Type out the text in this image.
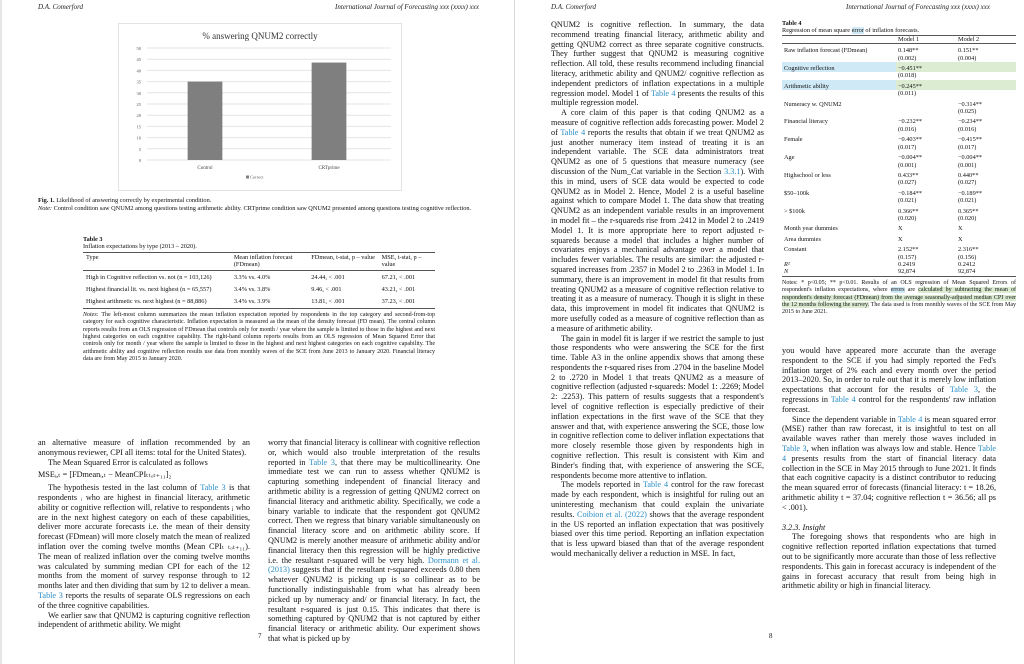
D.A. Comerford	International Journal of Forecasting xxx (xxxx) xxx
% answering QNUM2 correctly
0
5
10
15
20
25
30
35
40
45
50
Control	CRTprime
Correct
Fig. 1. Likelihood of answering correctly by experimental condition.
Note: Control condition saw QNUM2 among questions testing arithmetic ability. CRTprime condition saw QNUM2 presented among questions testing cognitive reflection.
Table 3
Inflation expectations by type (2013 – 2020).
Type	Mean inflation forecast (FDmean)	FDmean, t-stat, p – value	MSE, t-stat, p – value
High in Cognitive reflection vs. not (n = 103,126)	3.3% vs. 4.0%	24.44, < .001	67.21, < .001
Highest financial lit. vs. next highest (n = 65,557)	3.4% vs. 3.8%	9.46, < .001	43.21, < .001
Highest arithmetic vs. next highest (n = 88,886)	3.4% vs. 3.9%	13.81, < .001	37.23, < .001
Notes: The left-most column summarizes the mean inflation expectation reported by respondents in the top category and second-from-top category for each cognitive characteristic. Inflation expectation is measured as the mean of the density forecast (FD mean). The central column reports results from an OLS regression of FDmean that controls only for month / year where the sample is limited to those in the highest and next highest categories on each cognitive capability. The right-hand column reports results from an OLS regression of Mean Squared Error that controls only for month / year where the sample is limited to those in the highest and next highest categories on each cognitive capability. The arithmetic ability and cognitive reflection results use data from monthly waves of the SCE from June 2013 to January 2020. Financial literacy data are from May 2015 to January 2020.

an alternative measure of inflation recommended by an anonymous reviewer, CPI all items: total for the United States).

The Mean Squared Error is calculated as follows

MSEᵢ,ₜ = [FDmeanᵢ,ₜ − MeanCPIₜₜₒₜ₊₁₁]₂

The hypothesis tested in the last column of Table 3 is that respondents ᵢ who are highest in financial literacy, arithmetic ability or cognitive reflection will, relative to respondents ⱼ who are in the next highest category on each of these capabilities, deliver more accurate forecasts i.e. the mean of their density forecast (FDmean) will more closely match the mean of realized inflation over the coming twelve months (Mean CPIₜ ₜₒₜ₊₁₁). The mean of realized inflation over the coming twelve months was calculated by summing median CPI for each of the 12 months from the moment of survey response through to 12 months later and then dividing that sum by 12 to deliver a mean. Table 3 reports the results of separate OLS regressions on each of the three cognitive capabilities.

We earlier saw that QNUM2 is capturing cognitive reflection independent of arithmetic ability. We might

worry that financial literacy is collinear with cognitive reflection or, which would also trouble interpretation of the results reported in Table 3, that there may be multicollinearity. One immediate test we can run to assess whether QNUM2 is capturing something independent of financial literacy and arithmetic ability is a regression of getting QNUM2 correct on financial literacy and arithmetic ability. Specifically, we code a binary variable to indicate that the respondent got QNUM2 correct. Then we regress that binary variable simultaneously on financial literacy score and on arithmetic ability score. If QNUM2 is merely another measure of arithmetic ability and/or financial literacy then this regression will be highly predictive i.e. the resultant r-squared will be very high. Dormann et al. (2013) suggests that if the resultant r-squared exceeds 0.80 then whatever QNUM2 is picking up is so collinear as to be functionally indistinguishable from what has already been picked up by numeracy and/ or financial literacy. In fact, the resultant r-squared is just 0.15. This indicates that there is something captured by QNUM2 that is not captured by either financial literacy or arithmetic ability. Our experiment shows that what is picked up by

7
D.A. Comerford	International Journal of Forecasting xxx (xxxx) xxx

QNUM2 is cognitive reflection. In summary, the data recommend treating financial literacy, arithmetic ability and getting QNUM2 correct as three separate cognitive constructs. They further suggest that QNUM2 is measuring cognitive reflection. All told, these results recommend including financial literacy, arithmetic ability and QNUM2/ cognitive reflection as independent predictors of inflation expectations in a multiple regression model. Model 1 of Table 4 presents the results of this multiple regression model.

A core claim of this paper is that coding QNUM2 as a measure of cognitive reflection adds forecasting power. Model 2 of Table 4 reports the results that obtain if we treat QNUM2 as just another numeracy item instead of treating it is an independent variable. The SCE data administrators treat QNUM2 as one of 5 questions that measure numeracy (see discussion of the Num_Cat variable in the Section 3.3.1). With this in mind, users of SCE data would be expected to code QNUM2 as in Model 2. Hence, Model 2 is a useful baseline against which to compare Model 1. The data show that treating QNUM2 as an independent variable results in an improvement in model fit – the r-squareds rise from .2412 in Model 2 to .2419 Model 1. It is more appropriate here to report adjusted r-squareds because a model that includes a higher number of covariates enjoys a mechanical advantage over a model that includes fewer variables. The results are similar: the adjusted r-squared increases from .2357 in Model 2 to .2363 in Model 1. In summary, there is an improvement in model fit that results from treating QNUM2 as a measure of cognitive reflection relative to treating it as a measure of numeracy. Though it is slight in these data, this improvement in model fit indicates that QNUM2 is more usefully coded as a measure of cognitive reflection than as a measure of arithmetic ability.

The gain in model fit is larger if we restrict the sample to just those respondents who were answering the SCE for the first time. Table A3 in the online appendix shows that among these respondents the r-squared rises from .2704 in the baseline Model 2 to .2720 in Model 1 that treats QNUM2 as a measure of cognitive reflection (adjusted r-squareds: Model 1: .2269; Model 2: .2253). This pattern of results suggests that a respondent's level of cognitive reflection is especially predictive of their inflation expectations in the first wave of the SCE that they answer and that, with experience answering the SCE, those low in cognitive reflection come to deliver inflation expectations that more closely resemble those given by respondents high in cognitive reflection. This result is consistent with Kim and Binder's finding that, with experience of answering the SCE, respondents become more attentive to inflation.

The models reported in Table 4 control for the raw forecast made by each respondent, which is insightful for ruling out an uninteresting mechanism that could explain the univariate results. Coibion et al. (2022) shows that the average respondent in the US reported an inflation expectation that was positively biased over this time period. Reporting an inflation expectation that is less upward biased than that of the average respondent would mechanically deliver a reduction in MSE. In fact,

8
Table 4
Regression of mean square error of inflation forecasts.
	Model 1	Model 2
Raw inflation forecast (FDmean)	0.148**	0.151**
	(0.002)	(0.004)
Cognitive reflection	−0.451**	
	(0.018)	
Arithmetic ability	−0.245**	
	(0.011)	
Numeracy w. QNUM2		−0.314**
		(0.025)
Financial literacy	−0.232**	−0.234**
	(0.016)	(0.016)
Female	−0.403**	−0.415**
	(0.017)	(0.017)
Age	−0.004**	−0.004**
	(0.001)	(0.001)
Highschool or less	0.433**	0.440**
	(0.027)	(0.027)
$50–100k	−0.184**	−0.189**
	(0.021)	(0.021)
> $100k	0.366**	0.365**
	(0.020)	(0.020)
Month year dummies	X	X
Area dummies	X	X
Constant	2.152**	2.316**
	(0.157)	(0.156)
R²	0.2419	0.2412
N	92,874	92,874
Notes: * p<0.05; ** p<0.01. Results of an OLS regression of Mean Squared Errors of respondent's inflation expectations, where errors are calculated by subtracting the mean of respondent's density forecast (FDmean) from the average seasonally-adjusted median CPI over the 12 months following the survey. The data used is from monthly waves of the SCE from May 2015 to June 2021.

you would have appeared more accurate than the average respondent to the SCE if you had simply reported the Fed's inflation target of 2% each and every month over the period 2013–2020. So, in order to rule out that it is merely low inflation expectations that account for the results of Table 3, the regressions in Table 4 control for the respondents' raw inflation forecast.

Since the dependent variable in Table 4 is mean squared error (MSE) rather than raw forecast, it is insightful to test on all available waves rather than merely those waves included in Table 3, when inflation was always low and stable. Hence Table 4 presents results from the start of financial literacy data collection in the SCE in May 2015 through to June 2021. It finds that each cognitive capacity is a distinct contributor to reducing the mean squared error of forecasts (financial literacy: t = 18.26, arithmetic ability t = 37.04; cognitive reflection t = 36.56; all ps < .001).

3.2.3. Insight

The foregoing shows that respondents who are high in cognitive reflection reported inflation expectations that turned out to be significantly more accurate than those of less reflective respondents. This gain in forecast accuracy is independent of the gains in forecast accuracy that result from being high in arithmetic ability or high in financial literacy.
